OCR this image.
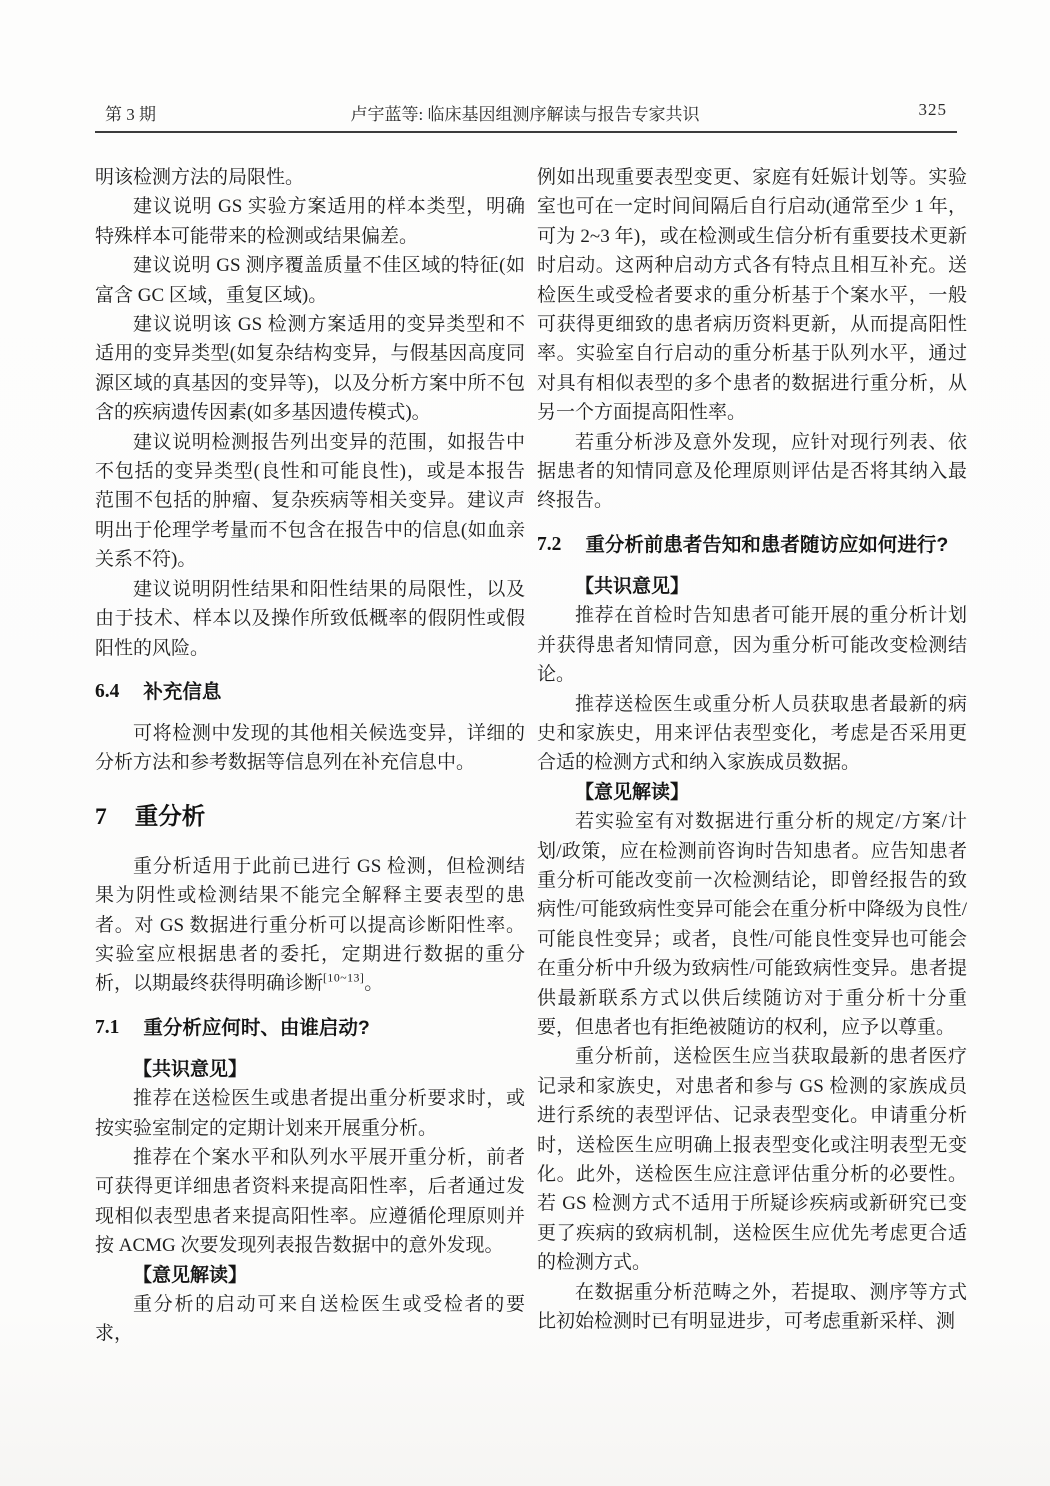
第 3 期	卢宇蓝等: 临床基因组测序解读与报告专家共识	325

明该检测方法的局限性。

建议说明 GS 实验方案适用的样本类型，明确特殊样本可能带来的检测或结果偏差。

建议说明 GS 测序覆盖质量不佳区域的特征(如富含 GC 区域，重复区域)。

建议说明该 GS 检测方案适用的变异类型和不适用的变异类型(如复杂结构变异，与假基因高度同源区域的真基因的变异等)，以及分析方案中所不包含的疾病遗传因素(如多基因遗传模式)。

建议说明检测报告列出变异的范围，如报告中不包括的变异类型(良性和可能良性)，或是本报告范围不包括的肿瘤、复杂疾病等相关变异。建议声明出于伦理学考量而不包含在报告中的信息(如血亲关系不符)。

建议说明阴性结果和阳性结果的局限性，以及由于技术、样本以及操作所致低概率的假阴性或假阳性的风险。

6.4 补充信息

可将检测中发现的其他相关候选变异，详细的分析方法和参考数据等信息列在补充信息中。

7 重分析

重分析适用于此前已进行 GS 检测，但检测结果为阴性或检测结果不能完全解释主要表型的患者。对 GS 数据进行重分析可以提高诊断阳性率。实验室应根据患者的委托，定期进行数据的重分析，以期最终获得明确诊断[10~13]。

7.1 重分析应何时、由谁启动?

【共识意见】

推荐在送检医生或患者提出重分析要求时，或按实验室制定的定期计划来开展重分析。

推荐在个案水平和队列水平展开重分析，前者可获得更详细患者资料来提高阳性率，后者通过发现相似表型患者来提高阳性率。应遵循伦理原则并按 ACMG 次要发现列表报告数据中的意外发现。

【意见解读】

重分析的启动可来自送检医生或受检者的要求，

例如出现重要表型变更、家庭有妊娠计划等。实验室也可在一定时间间隔后自行启动(通常至少 1 年，可为 2~3 年)，或在检测或生信分析有重要技术更新时启动。这两种启动方式各有特点且相互补充。送检医生或受检者要求的重分析基于个案水平，一般可获得更细致的患者病历资料更新，从而提高阳性率。实验室自行启动的重分析基于队列水平，通过对具有相似表型的多个患者的数据进行重分析，从另一个方面提高阳性率。

若重分析涉及意外发现，应针对现行列表、依据患者的知情同意及伦理原则评估是否将其纳入最终报告。

7.2 重分析前患者告知和患者随访应如何进行?

【共识意见】

推荐在首检时告知患者可能开展的重分析计划并获得患者知情同意，因为重分析可能改变检测结论。

推荐送检医生或重分析人员获取患者最新的病史和家族史，用来评估表型变化，考虑是否采用更合适的检测方式和纳入家族成员数据。

【意见解读】

若实验室有对数据进行重分析的规定/方案/计划/政策，应在检测前咨询时告知患者。应告知患者重分析可能改变前一次检测结论，即曾经报告的致病性/可能致病性变异可能会在重分析中降级为良性/可能良性变异；或者，良性/可能良性变异也可能会在重分析中升级为致病性/可能致病性变异。患者提供最新联系方式以供后续随访对于重分析十分重要，但患者也有拒绝被随访的权利，应予以尊重。

重分析前，送检医生应当获取最新的患者医疗记录和家族史，对患者和参与 GS 检测的家族成员进行系统的表型评估、记录表型变化。申请重分析时，送检医生应明确上报表型变化或注明表型无变化。此外，送检医生应注意评估重分析的必要性。若 GS 检测方式不适用于所疑诊疾病或新研究已变更了疾病的致病机制，送检医生应优先考虑更合适的检测方式。

在数据重分析范畴之外，若提取、测序等方式比初始检测时已有明显进步，可考虑重新采样、测
